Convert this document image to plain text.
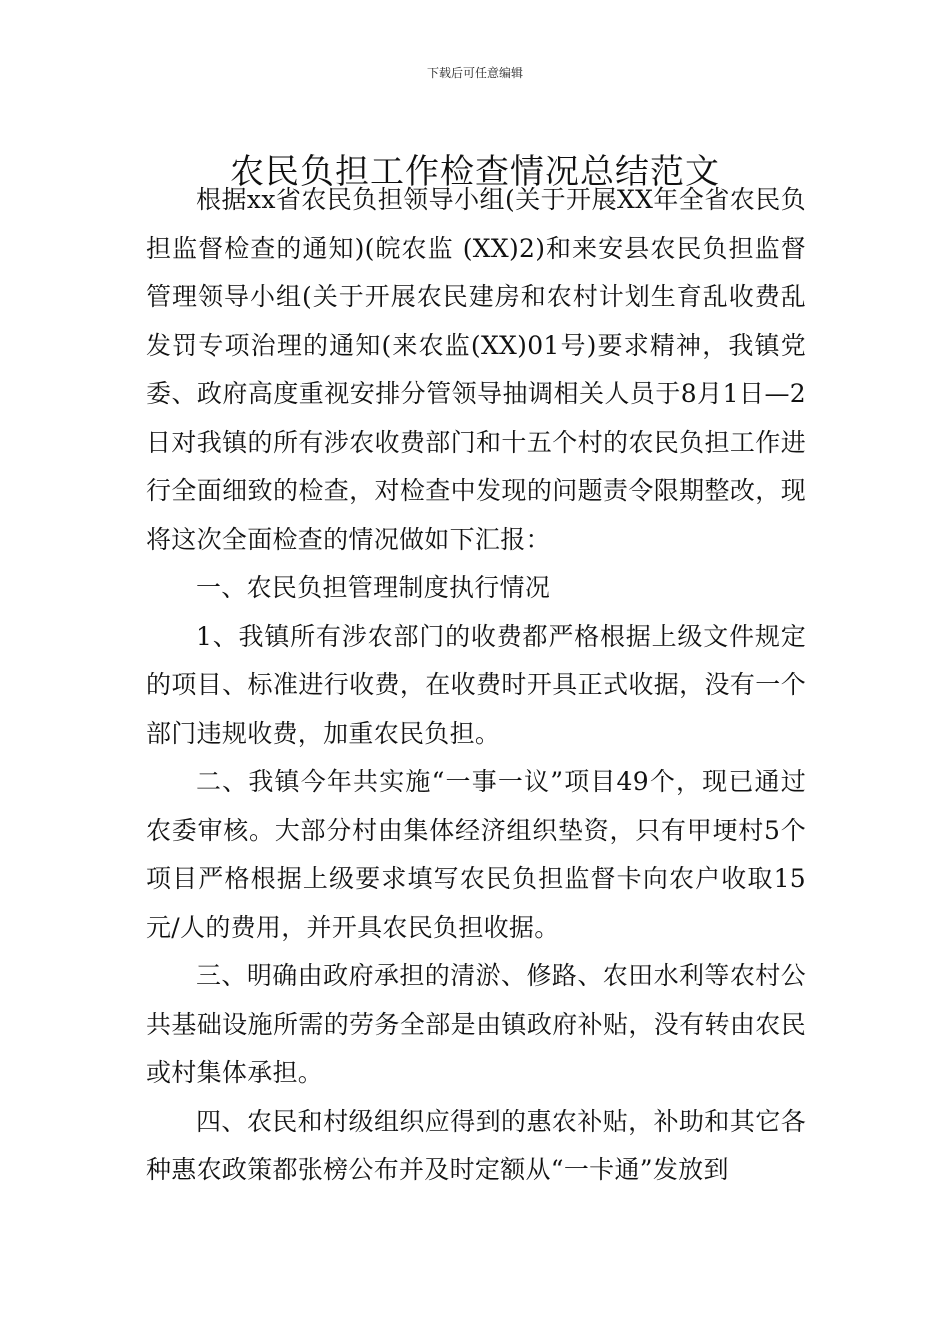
下载后可任意编辑
农民负担工作检查情况总结范文

根据xx省农民负担领导小组(关于开展XX年全省农民负担监督检查的通知)(皖农监 (XX)2)和来安县农民负担监督管理领导小组(关于开展农民建房和农村计划生育乱收费乱发罚专项治理的通知(来农监(XX)01号)要求精神，我镇党委、政府高度重视安排分管领导抽调相关人员于8月1日—2日对我镇的所有涉农收费部门和十五个村的农民负担工作进行全面细致的检查，对检查中发现的问题责令限期整改，现将这次全面检查的情况做如下汇报：

一、农民负担管理制度执行情况

1、我镇所有涉农部门的收费都严格根据上级文件规定的项目、标准进行收费，在收费时开具正式收据，没有一个部门违规收费，加重农民负担。

二、我镇今年共实施“一事一议”项目49个，现已通过农委审核。大部分村由集体经济组织垫资，只有甲埂村5个项目严格根据上级要求填写农民负担监督卡向农户收取15元/人的费用，并开具农民负担收据。

三、明确由政府承担的清淤、修路、农田水利等农村公共基础设施所需的劳务全部是由镇政府补贴，没有转由农民或村集体承担。

四、农民和村级组织应得到的惠农补贴，补助和其它各种惠农政策都张榜公布并及时定额从“一卡通”发放到
